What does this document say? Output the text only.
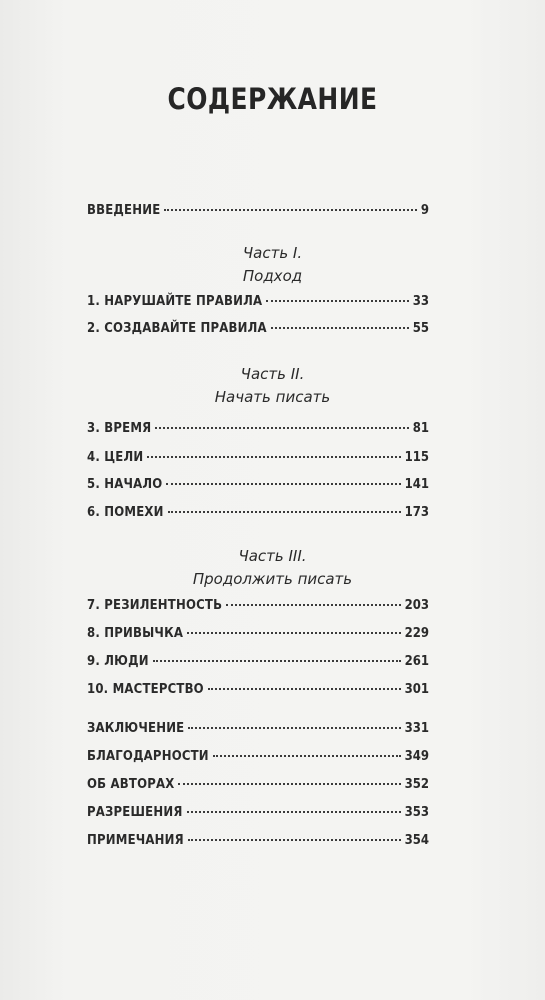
СОДЕРЖАНИЕ
ВВЕДЕНИЕ	9
Часть I.
Подход
1. НАРУШАЙТЕ ПРАВИЛА	33
2. СОЗДАВАЙТЕ ПРАВИЛА	55
Часть II.
Начать писать
3. ВРЕМЯ	81
4. ЦЕЛИ	115
5. НАЧАЛО	141
6. ПОМЕХИ	173
Часть III.
Продолжить писать
7. РЕЗИЛЕНТНОСТЬ	203
8. ПРИВЫЧКА	229
9. ЛЮДИ	261
10. МАСТЕРСТВО	301
ЗАКЛЮЧЕНИЕ	331
БЛАГОДАРНОСТИ	349
ОБ АВТОРАХ	352
РАЗРЕШЕНИЯ	353
ПРИМЕЧАНИЯ	354
